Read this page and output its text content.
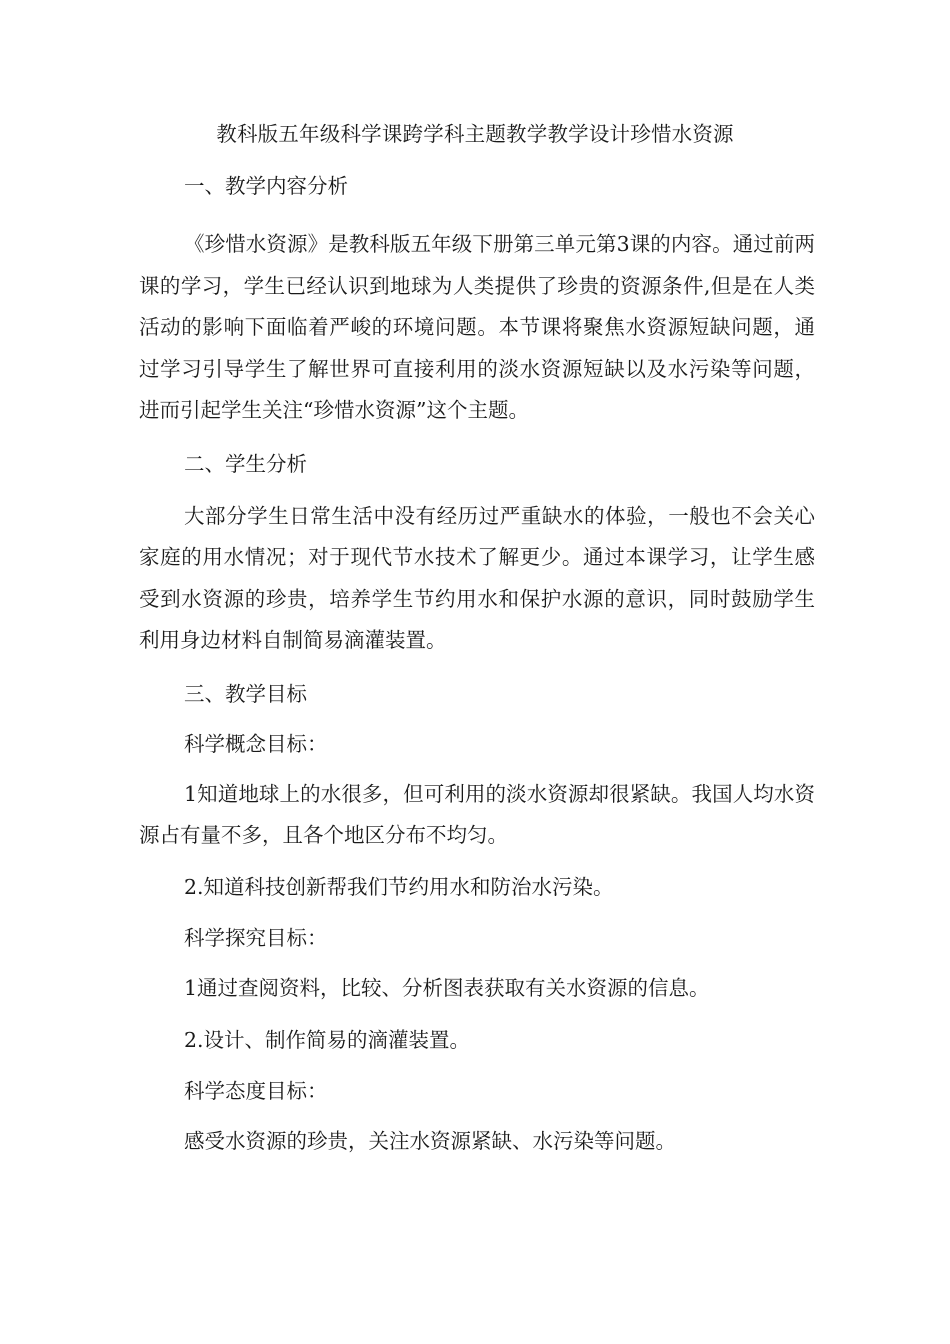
教科版五年级科学课跨学科主题教学教学设计珍惜水资源
一、教学内容分析

《珍惜水资源》是教科版五年级下册第三单元第3课的内容。通过前两课的学习，学生已经认识到地球为人类提供了珍贵的资源条件,但是在人类活动的影响下面临着严峻的环境问题。本节课将聚焦水资源短缺问题，通过学习引导学生了解世界可直接利用的淡水资源短缺以及水污染等问题，进而引起学生关注“珍惜水资源”这个主题。

二、学生分析

大部分学生日常生活中没有经历过严重缺水的体验，一般也不会关心家庭的用水情况；对于现代节水技术了解更少。通过本课学习，让学生感受到水资源的珍贵，培养学生节约用水和保护水源的意识，同时鼓励学生利用身边材料自制简易滴灌装置。

三、教学目标
科学概念目标：

1知道地球上的水很多，但可利用的淡水资源却很紧缺。我国人均水资源占有量不多，且各个地区分布不均匀。

2.知道科技创新帮我们节约用水和防治水污染。

科学探究目标：

1通过查阅资料，比较、分析图表获取有关水资源的信息。

2.设计、制作简易的滴灌装置。

科学态度目标：

感受水资源的珍贵，关注水资源紧缺、水污染等问题。
